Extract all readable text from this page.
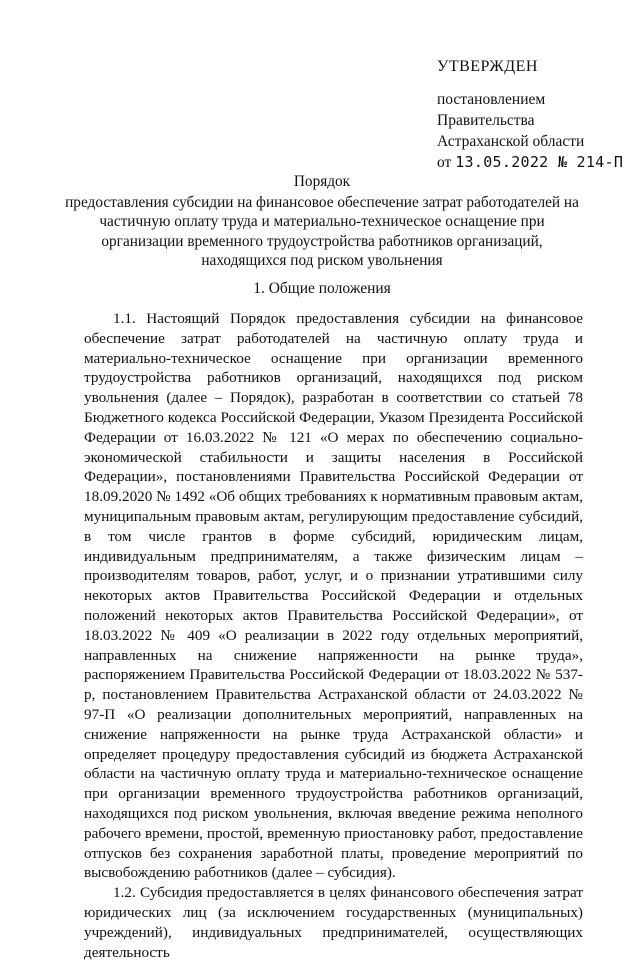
УТВЕРЖДЕН
постановлением
Правительства
Астраханской области
от 13.05.2022 № 214-П
Порядок
предоставления субсидии на финансовое обеспечение затрат работодателей на частичную оплату труда и материально-техническое оснащение при организации временного трудоустройства работников организаций, находящихся под риском увольнения
1. Общие положения

1.1. Настоящий Порядок предоставления субсидии на финансовое обеспечение затрат работодателей на частичную оплату труда и материально-техническое оснащение при организации временного трудоустройства работников организаций, находящихся под риском увольнения (далее – Порядок), разработан в соответствии со статьей 78 Бюджетного кодекса Российской Федерации, Указом Президента Российской Федерации от 16.03.2022 № 121 «О мерах по обеспечению социально-экономической стабильности и защиты населения в Российской Федерации», постановлениями Правительства Российской Федерации от 18.09.2020 № 1492 «Об общих требованиях к нормативным правовым актам, муниципальным правовым актам, регулирующим предоставление субсидий, в том числе грантов в форме субсидий, юридическим лицам, индивидуальным предпринимателям, а также физическим лицам – производителям товаров, работ, услуг, и о признании утратившими силу некоторых актов Правительства Российской Федерации и отдельных положений некоторых актов Правительства Российской Федерации», от 18.03.2022 № 409 «О реализации в 2022 году отдельных мероприятий, направленных на снижение напряженности на рынке труда», распоряжением Правительства Российской Федерации от 18.03.2022 № 537-р, постановлением Правительства Астраханской области от 24.03.2022 № 97-П «О реализации дополнительных мероприятий, направленных на снижение напряженности на рынке труда Астраханской области» и определяет процедуру предоставления субсидий из бюджета Астраханской области на частичную оплату труда и материально-техническое оснащение при организации временного трудоустройства работников организаций, находящихся под риском увольнения, включая введение режима неполного рабочего времени, простой, временную приостановку работ, предоставление отпусков без сохранения заработной платы, проведение мероприятий по высвобождению работников (далее – субсидия).

1.2. Субсидия предоставляется в целях финансового обеспечения затрат юридических лиц (за исключением государственных (муниципальных) учреждений), индивидуальных предпринимателей, осуществляющих деятельность
